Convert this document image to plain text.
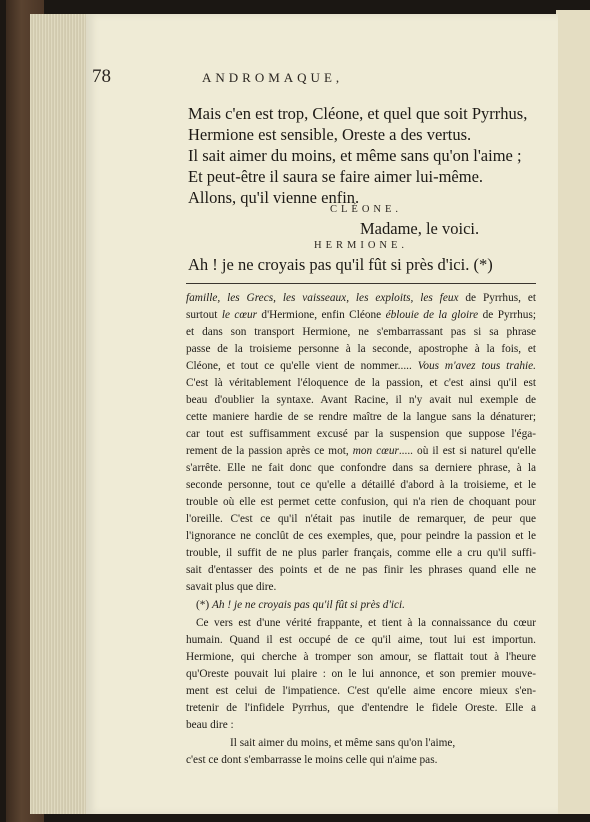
78	ANDROMAQUE,
Mais c'en est trop, Cléone, et quel que soit Pyrrhus,
Hermione est sensible, Oreste a des vertus.
Il sait aimer du moins, et même sans qu'on l'aime ;
Et peut-être il saura se faire aimer lui-même.
Allons, qu'il vienne enfin.
CLÉONE.
Madame, le voici.
HERMIONE.
Ah ! je ne croyais pas qu'il fût si près d'ici. (*)
famille, les Grecs, les vaisseaux, les exploits, les feux de Pyrrhus, et
surtout le cœur d'Hermione, enfin Cléone éblouie de la gloire de Pyrrhus;
et dans son transport Hermione, ne s'embarrassant pas si sa phrase
passe de la troisieme personne à la seconde, apostrophe à la fois, et
Cléone, et tout ce qu'elle vient de nommer..... Vous m'avez tous trahie.
C'est là véritablement l'éloquence de la passion, et c'est ainsi qu'il est
beau d'oublier la syntaxe. Avant Racine, il n'y avait nul exemple de
cette maniere hardie de se rendre maître de la langue sans la dénaturer;
car tout est suffisamment excusé par la suspension que suppose l'éga-
rement de la passion après ce mot, mon cœur..... où il est si naturel qu'elle
s'arrête. Elle ne fait donc que confondre dans sa derniere phrase, à la
seconde personne, tout ce qu'elle a détaillé d'abord à la troisieme, et le
trouble où elle est permet cette confusion, qui n'a rien de choquant pour
l'oreille. C'est ce qu'il n'était pas inutile de remarquer, de peur que
l'ignorance ne conclût de ces exemples, que, pour peindre la passion et le
trouble, il suffit de ne plus parler français, comme elle a cru qu'il suffi-
sait d'entasser des points et de ne pas finir les phrases quand elle ne
savait plus que dire.
(*) Ah ! je ne croyais pas qu'il fût si près d'ici.
Ce vers est d'une vérité frappante, et tient à la connaissance du cœur
humain. Quand il est occupé de ce qu'il aime, tout lui est importun.
Hermione, qui cherche à tromper son amour, se flattait tout à l'heure
qu'Oreste pouvait lui plaire : on le lui annonce, et son premier mouve-
ment est celui de l'impatience. C'est qu'elle aime encore mieux s'en-
tretenir de l'infidele Pyrrhus, que d'entendre le fidele Oreste. Elle a
beau dire :
Il sait aimer du moins, et même sans qu'on l'aime,
c'est ce dont s'embarrasse le moins celle qui n'aime pas.
